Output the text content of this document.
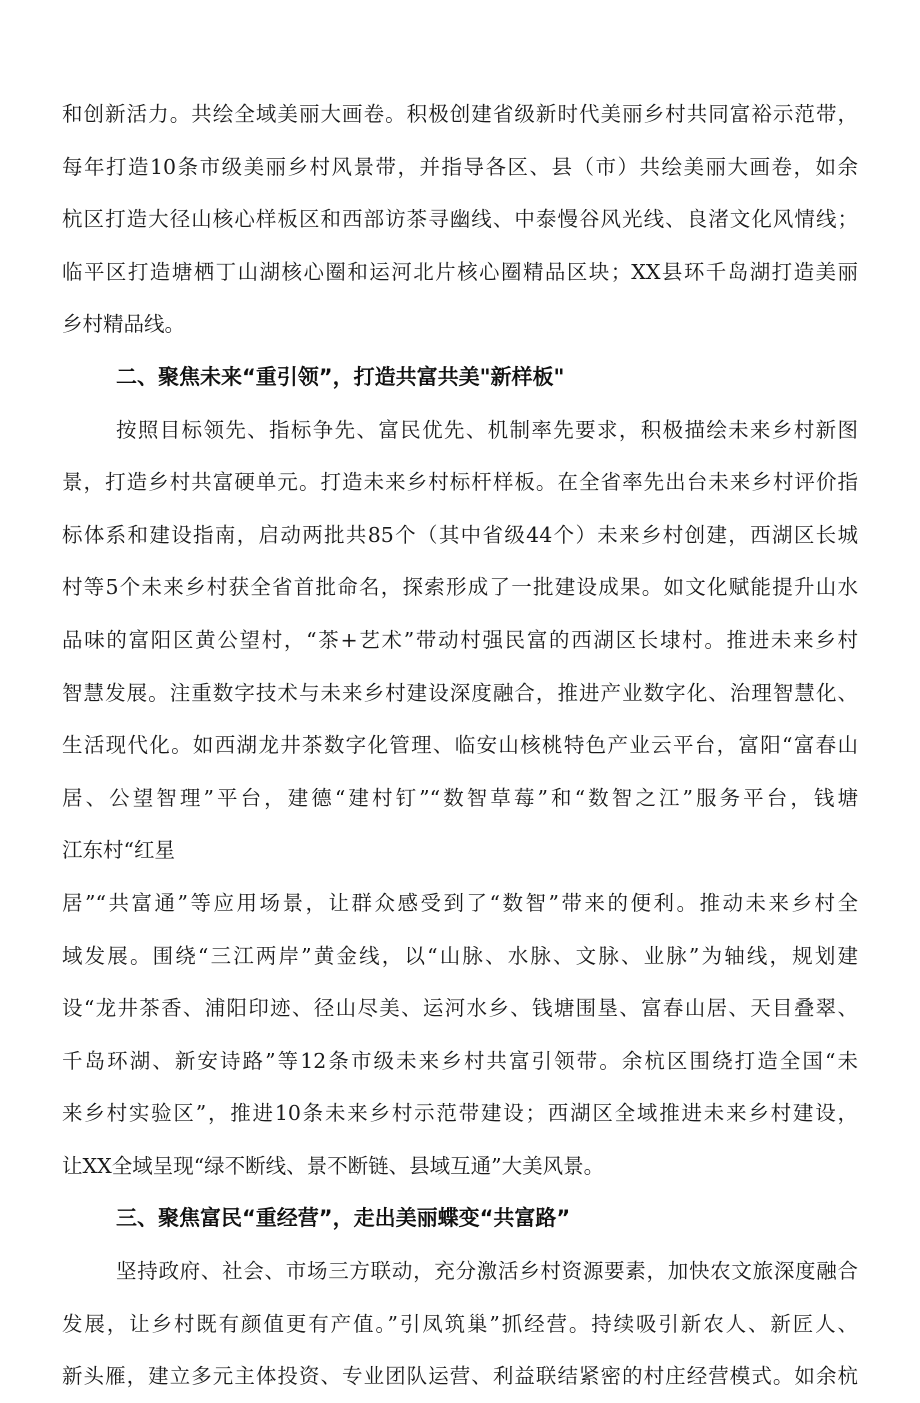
和创新活力。共绘全域美丽大画卷。积极创建省级新时代美丽乡村共同富裕示范带，
每年打造10条市级美丽乡村风景带，并指导各区、县（市）共绘美丽大画卷，如余
杭区打造大径山核心样板区和西部访茶寻幽线、中泰慢谷风光线、良渚文化风情线；
临平区打造塘栖丁山湖核心圈和运河北片核心圈精品区块；XX县环千岛湖打造美丽
乡村精品线。
二、聚焦未来“重引领”，打造共富共美"新样板"
按照目标领先、指标争先、富民优先、机制率先要求，积极描绘未来乡村新图
景，打造乡村共富硬单元。打造未来乡村标杆样板。在全省率先出台未来乡村评价指
标体系和建设指南，启动两批共85个（其中省级44个）未来乡村创建，西湖区长城
村等5个未来乡村获全省首批命名，探索形成了一批建设成果。如文化赋能提升山水
品味的富阳区黄公望村，“茶+艺术”带动村强民富的西湖区长埭村。推进未来乡村
智慧发展。注重数字技术与未来乡村建设深度融合，推进产业数字化、治理智慧化、
生活现代化。如西湖龙井茶数字化管理、临安山核桃特色产业云平台，富阳“富春山
居、公望智理”平台，建德“建村钉”“数智草莓”和“数智之江”服务平台，钱塘
江东村“红星
居”“共富通”等应用场景，让群众感受到了“数智”带来的便利。推动未来乡村全
域发展。围绕“三江两岸”黄金线，以“山脉、水脉、文脉、业脉”为轴线，规划建
设“龙井茶香、浦阳印迹、径山尽美、运河水乡、钱塘围垦、富春山居、天目叠翠、
千岛环湖、新安诗路”等12条市级未来乡村共富引领带。余杭区围绕打造全国“未
来乡村实验区”，推进10条未来乡村示范带建设；西湖区全域推进未来乡村建设，
让XX全域呈现“绿不断线、景不断链、县域互通”大美风景。
三、聚焦富民“重经营”，走出美丽蝶变“共富路”
坚持政府、社会、市场三方联动，充分激活乡村资源要素，加快农文旅深度融合
发展，让乡村既有颜值更有产值。”引凤筑巢”抓经营。持续吸引新农人、新匠人、
新头雁，建立多元主体投资、专业团队运营、利益联结紧密的村庄经营模式。如余杭
